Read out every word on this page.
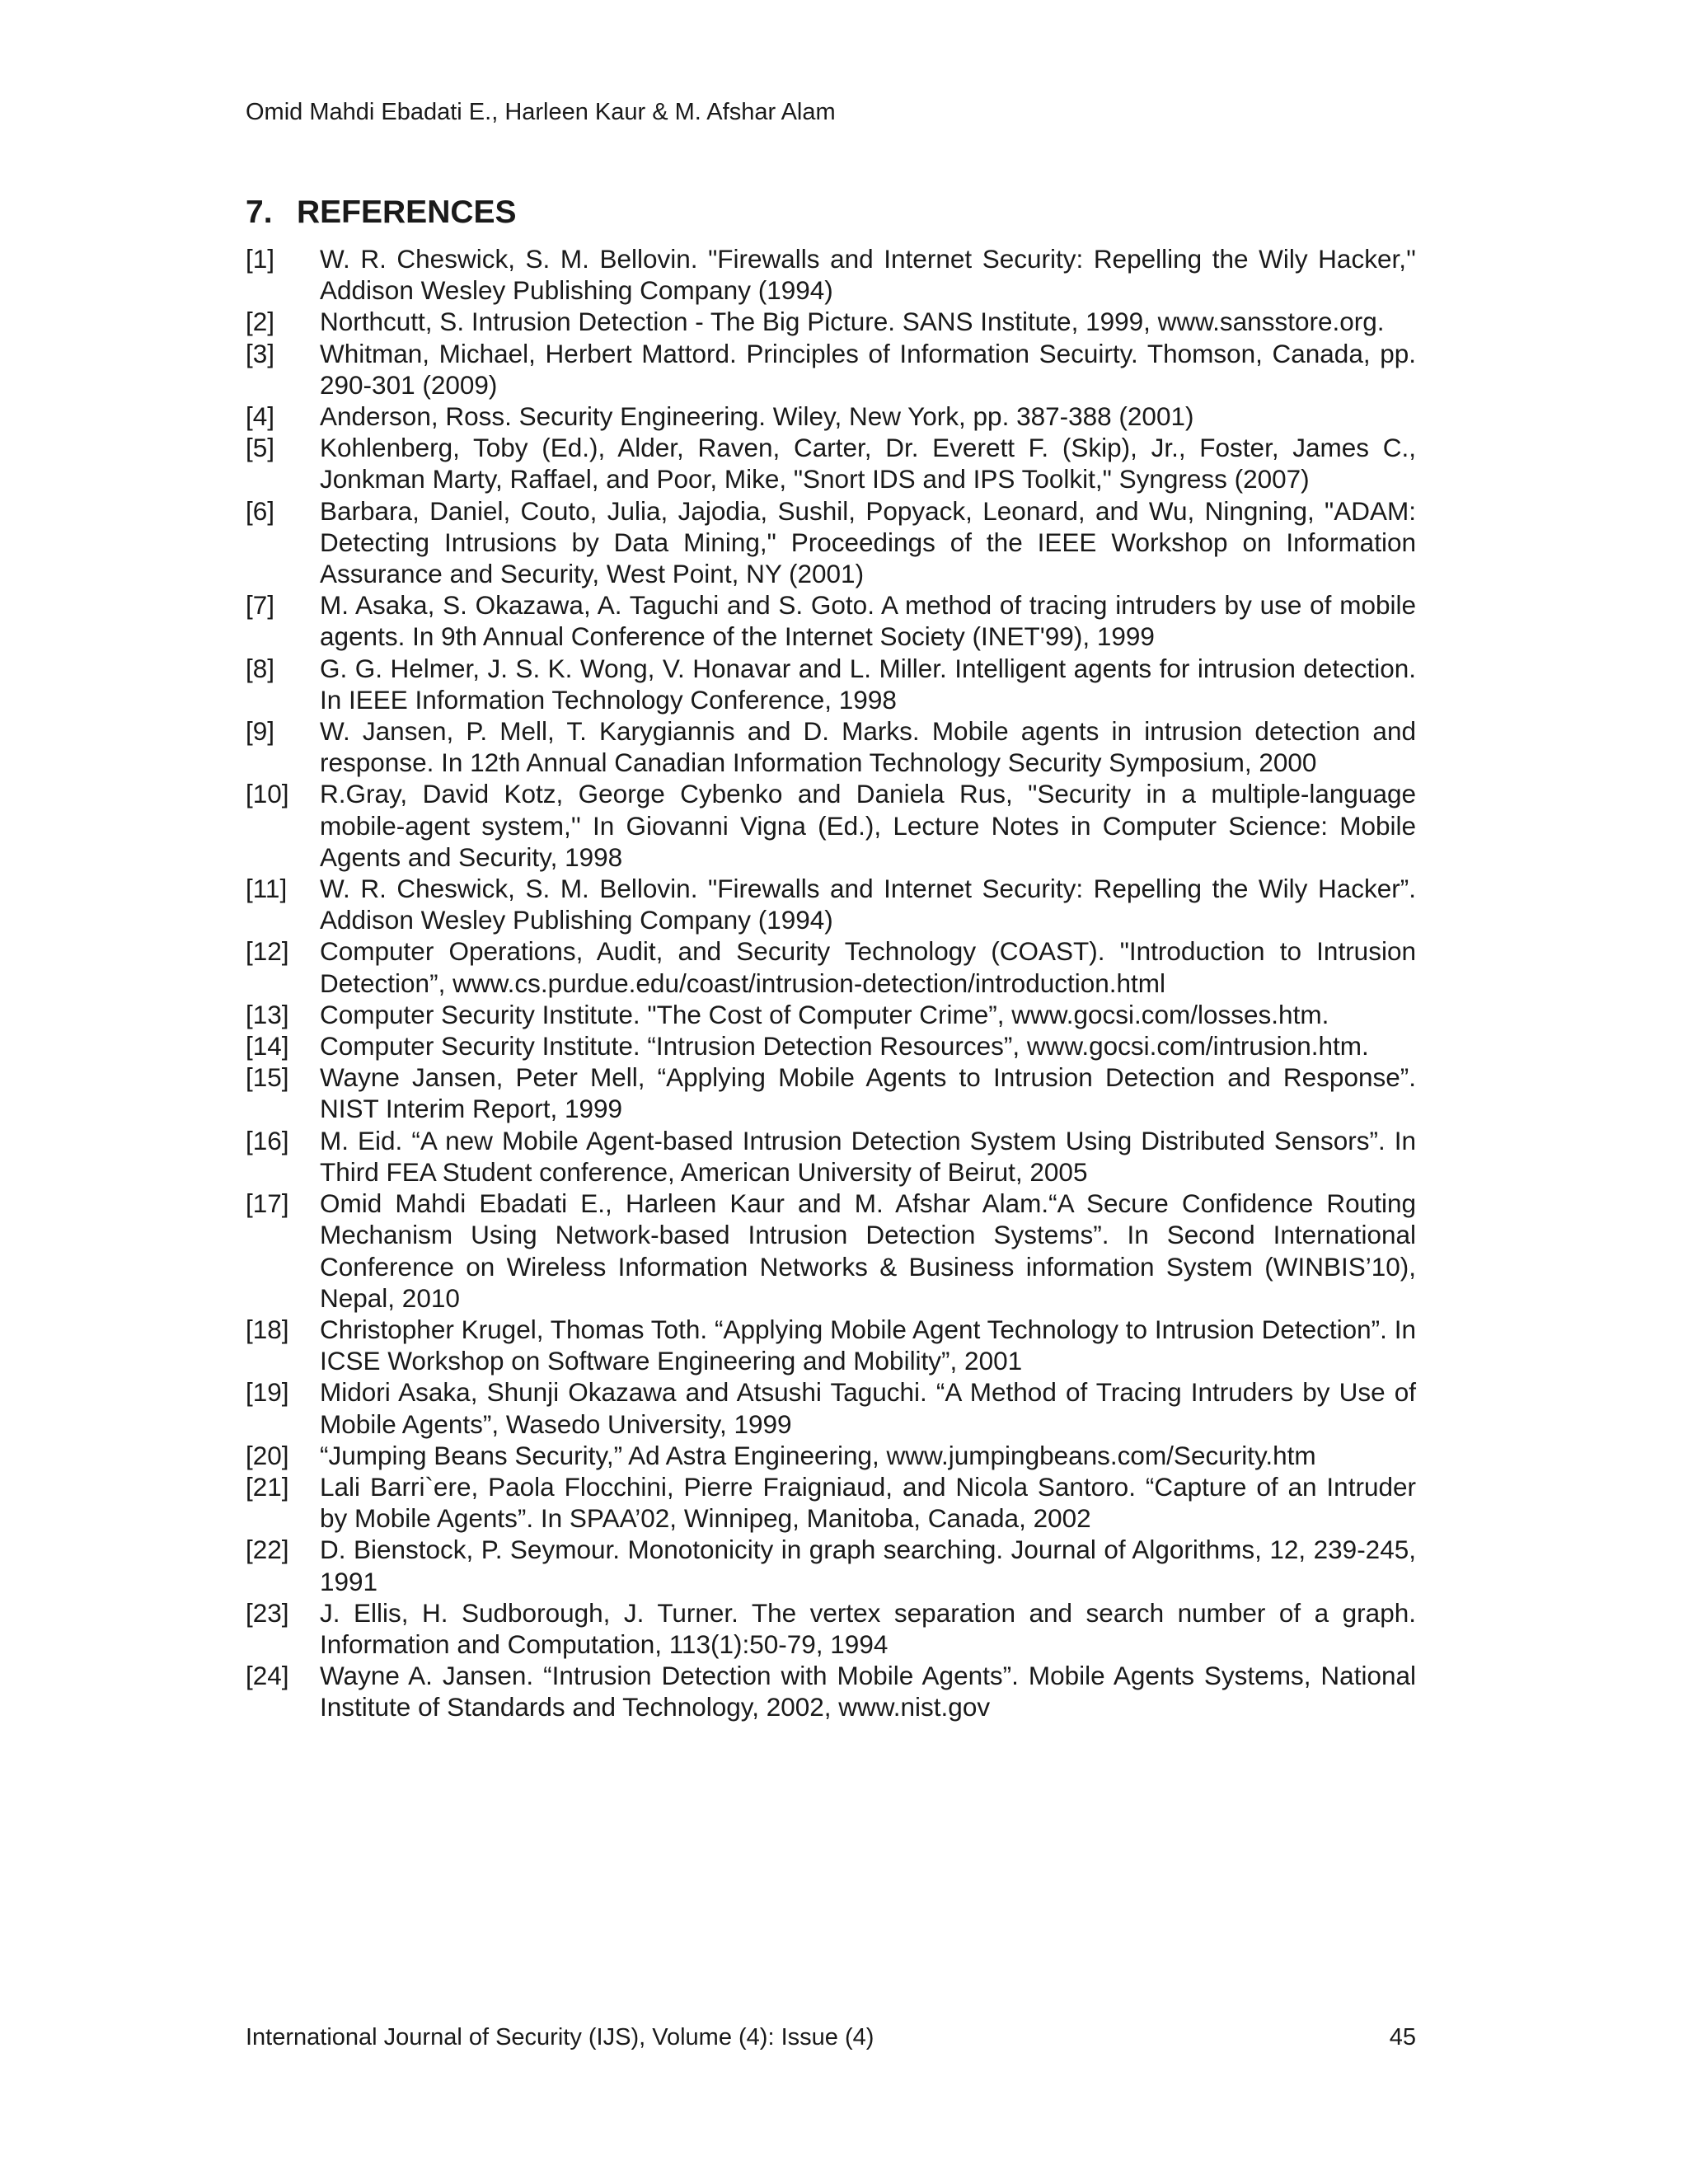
Omid Mahdi Ebadati E., Harleen Kaur & M. Afshar Alam
7. REFERENCES
[1]	W. R. Cheswick, S. M. Bellovin. "Firewalls and Internet Security: Repelling the Wily Hacker,'' Addison Wesley Publishing Company (1994)
[2]	Northcutt, S. Intrusion Detection - The Big Picture. SANS Institute, 1999, www.sansstore.org.
[3]	Whitman, Michael, Herbert Mattord. Principles of Information Secuirty. Thomson, Canada, pp. 290-301 (2009)
[4]	Anderson, Ross. Security Engineering. Wiley, New York, pp. 387-388 (2001)
[5]	Kohlenberg, Toby (Ed.), Alder, Raven, Carter, Dr. Everett F. (Skip), Jr., Foster, James C., Jonkman Marty, Raffael, and Poor, Mike, "Snort IDS and IPS Toolkit," Syngress (2007)
[6]	Barbara, Daniel, Couto, Julia, Jajodia, Sushil, Popyack, Leonard, and Wu, Ningning, "ADAM: Detecting Intrusions by Data Mining," Proceedings of the IEEE Workshop on Information Assurance and Security, West Point, NY (2001)
[7]	M. Asaka, S. Okazawa, A. Taguchi and S. Goto. A method of tracing intruders by use of mobile agents. In 9th Annual Conference of the Internet Society (INET'99), 1999
[8]	G. G. Helmer, J. S. K. Wong, V. Honavar and L. Miller. Intelligent agents for intrusion detection. In IEEE Information Technology Conference, 1998
[9]	W. Jansen, P. Mell, T. Karygiannis and D. Marks. Mobile agents in intrusion detection and response. In 12th Annual Canadian Information Technology Security Symposium, 2000
[10]	R.Gray, David Kotz, George Cybenko and Daniela Rus, "Security in a multiple-language mobile-agent system,'' In Giovanni Vigna (Ed.), Lecture Notes in Computer Science: Mobile Agents and Security, 1998
[11]	W. R. Cheswick, S. M. Bellovin. "Firewalls and Internet Security: Repelling the Wily Hacker”. Addison Wesley Publishing Company (1994)
[12]	Computer Operations, Audit, and Security Technology (COAST). "Introduction to Intrusion Detection”, www.cs.purdue.edu/coast/intrusion-detection/introduction.html
[13]	Computer Security Institute. "The Cost of Computer Crime”, www.gocsi.com/losses.htm.
[14]	Computer Security Institute. “Intrusion Detection Resources”, www.gocsi.com/intrusion.htm.
[15]	Wayne Jansen, Peter Mell, “Applying Mobile Agents to Intrusion Detection and Response”. NIST Interim Report, 1999
[16]	M. Eid. “A new Mobile Agent-based Intrusion Detection System Using Distributed Sensors”. In Third FEA Student conference, American University of Beirut, 2005
[17]	Omid Mahdi Ebadati E., Harleen Kaur and M. Afshar Alam.“A Secure Confidence Routing Mechanism Using Network-based Intrusion Detection Systems”. In Second International Conference on Wireless Information Networks & Business information System (WINBIS’10), Nepal, 2010
[18]	Christopher Krugel, Thomas Toth. “Applying Mobile Agent Technology to Intrusion Detection”. In ICSE Workshop on Software Engineering and Mobility”, 2001
[19]	Midori Asaka, Shunji Okazawa and Atsushi Taguchi. “A Method of Tracing Intruders by Use of Mobile Agents”, Wasedo University, 1999
[20]	“Jumping Beans Security,” Ad Astra Engineering, www.jumpingbeans.com/Security.htm
[21]	Lali Barri`ere, Paola Flocchini, Pierre Fraigniaud, and Nicola Santoro. “Capture of an Intruder by Mobile Agents”. In SPAA’02, Winnipeg, Manitoba, Canada, 2002
[22]	D. Bienstock, P. Seymour. Monotonicity in graph searching. Journal of Algorithms, 12, 239-245, 1991
[23]	J. Ellis, H. Sudborough, J. Turner. The vertex separation and search number of a graph. Information and Computation, 113(1):50-79, 1994
[24]	Wayne A. Jansen. “Intrusion Detection with Mobile Agents”. Mobile Agents Systems, National Institute of Standards and Technology, 2002, www.nist.gov
International Journal of Security (IJS), Volume (4): Issue (4)	45
